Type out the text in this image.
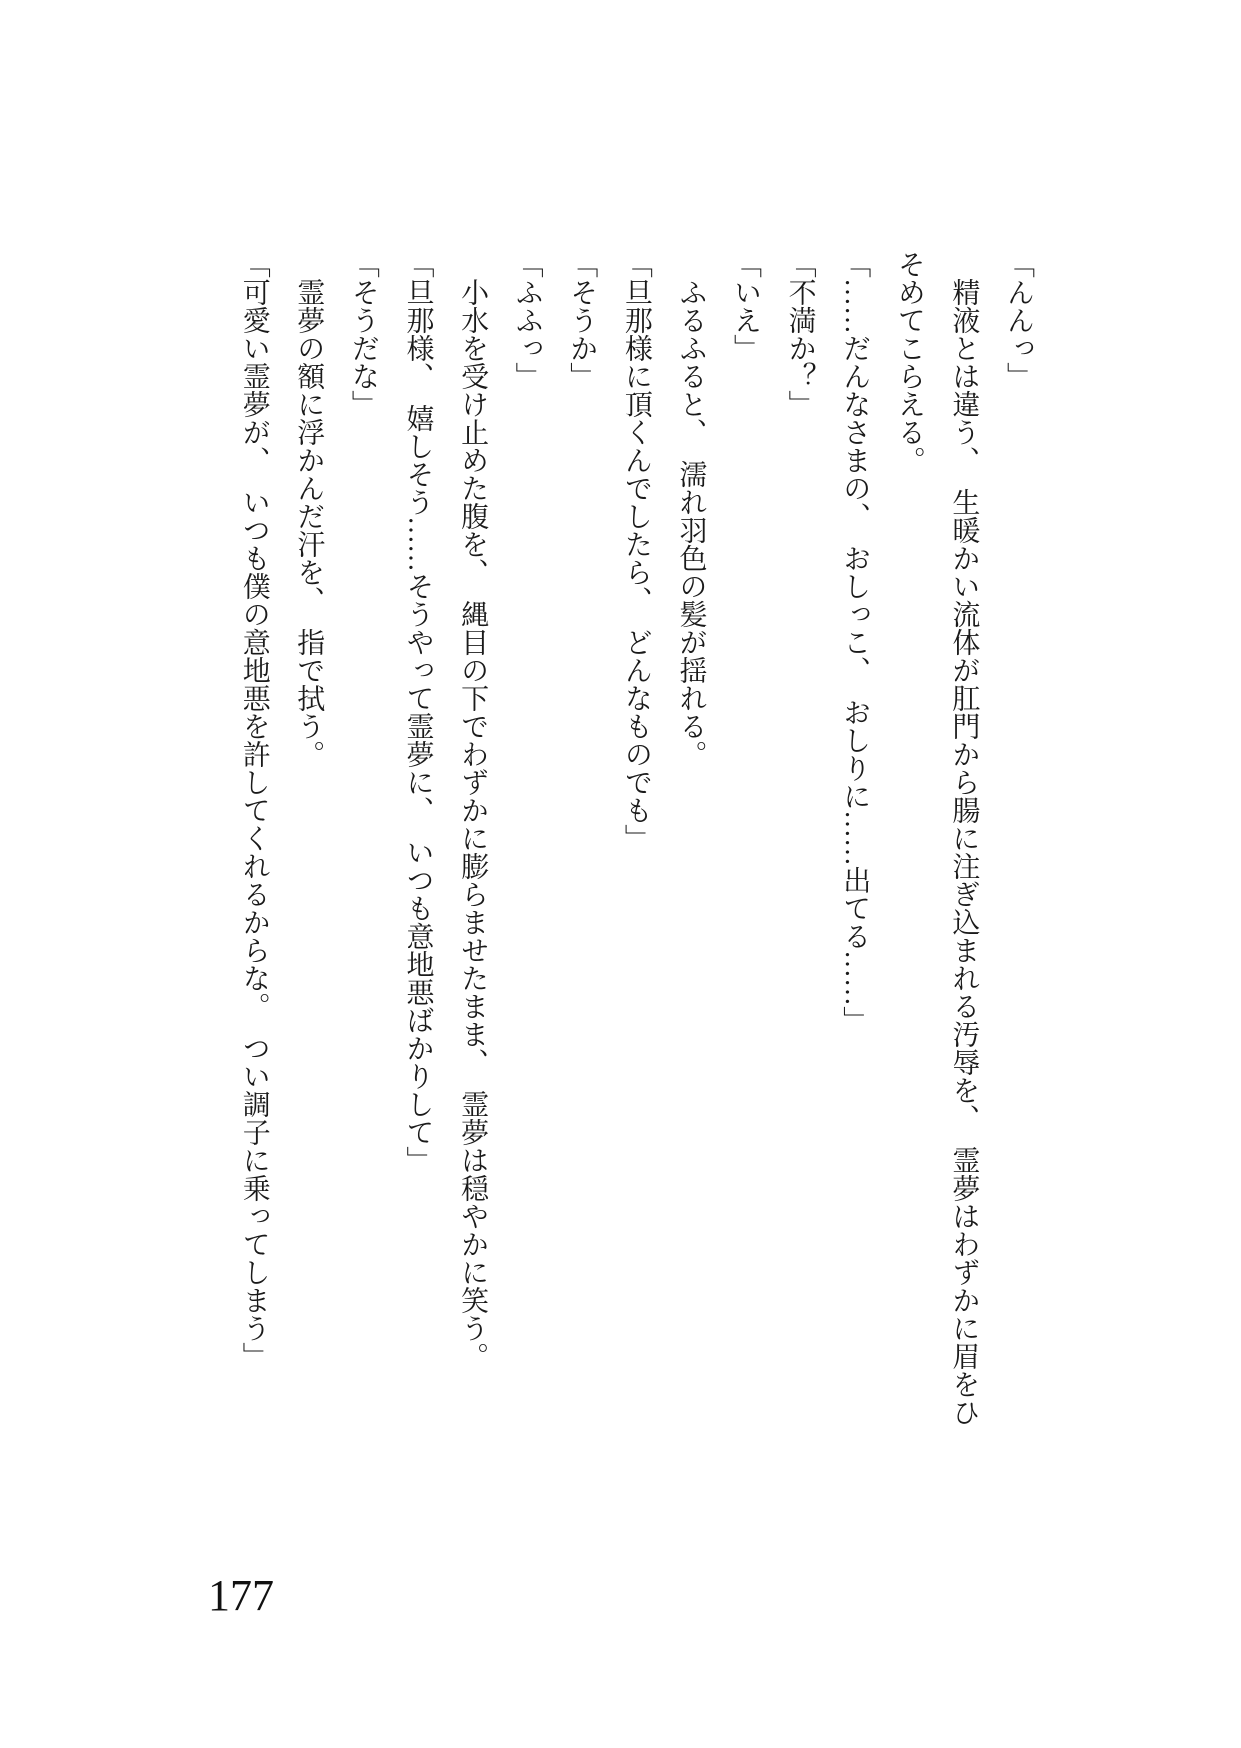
「んんっ」

　精液とは違う、　生暖かい流体が肛門から腸に注ぎ込まれる汚辱を、　霊夢はわずかに眉をひ

そめてこらえる。

「……だんなさまの、　おしっこ、　おしりに……出てる……」

「不満か？」

「いえ」

　ふるふると、　濡れ羽色の髪が揺れる。

「旦那様に頂くんでしたら、　どんなものでも」

「そうか」

「ふふっ」

　小水を受け止めた腹を、　縄目の下でわずかに膨らませたまま、　霊夢は穏やかに笑う。

「旦那様、　嬉しそう……そうやって霊夢に、　いつも意地悪ばかりして」

「そうだな」

　霊夢の額に浮かんだ汗を、　指で拭う。

「可愛い霊夢が、　いつも僕の意地悪を許してくれるからな。　つい調子に乗ってしまう」

177
